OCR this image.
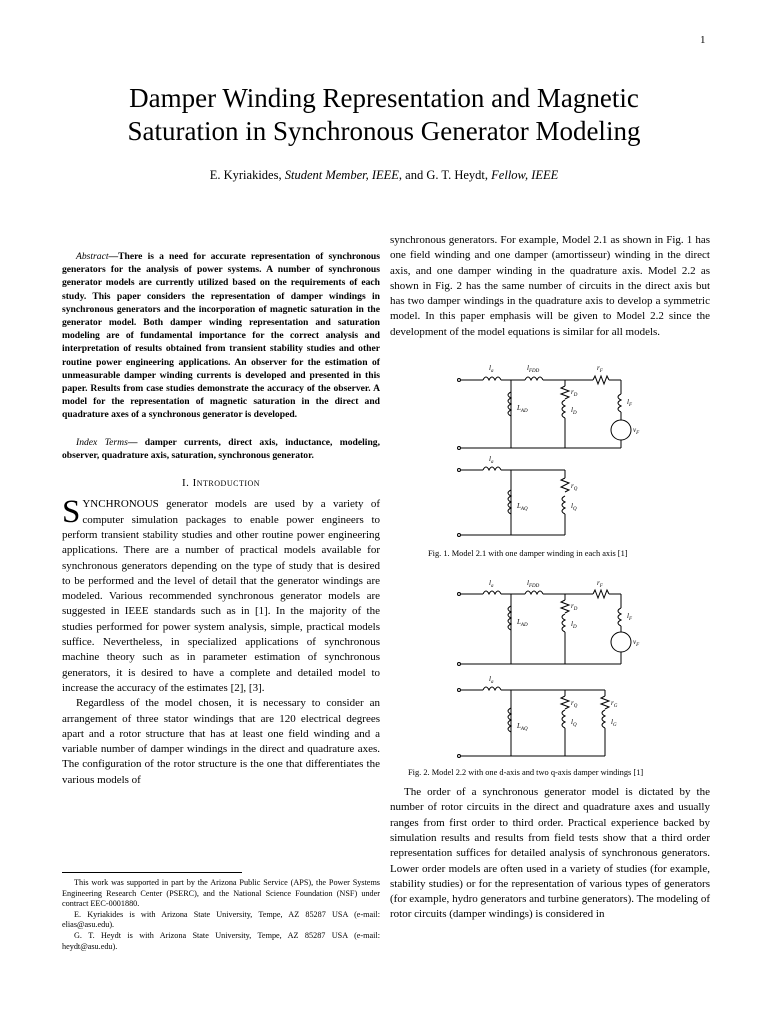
1
Damper Winding Representation and Magnetic
Saturation in Synchronous Generator Modeling
E. Kyriakides, Student Member, IEEE, and G. T. Heydt, Fellow, IEEE

Abstract—There is a need for accurate representation of synchronous generators for the analysis of power systems. A number of synchronous generator models are currently utilized based on the requirements of each study. This paper considers the representation of damper windings in synchronous generators and the incorporation of magnetic saturation in the generator model. Both damper winding representation and saturation modeling are of fundamental importance for the correct analysis and interpretation of results obtained from transient stability studies and other routine power engineering applications. An observer for the estimation of unmeasurable damper winding currents is developed and presented in this paper. Results from case studies demonstrate the accuracy of the observer. A model for the representation of magnetic saturation in the direct and quadrature axes of a synchronous generator is developed.

Index Terms— damper currents, direct axis, inductance, modeling, observer, quadrature axis, saturation, synchronous generator.

I. Introduction

SYNCHRONOUS generator models are used by a variety of computer simulation packages to enable power engineers to perform transient stability studies and other routine power engineering applications. There are a number of practical models available for synchronous generators depending on the type of study that is desired to be performed and the level of detail that the generator windings are modeled. Various recommended synchronous generator models are suggested in IEEE standards such as in [1]. In the majority of the studies performed for power system analysis, simple, practical models suffice. Nevertheless, in specialized applications of synchronous machine theory such as in parameter estimation of synchronous generators, it is desired to have a complete and detailed model to increase the accuracy of the estimates [2], [3].

Regardless of the model chosen, it is necessary to consider an arrangement of three stator windings that are 120 electrical degrees apart and a rotor structure that has at least one field winding and a variable number of damper windings in the direct and quadrature axes. The configuration of the rotor structure is the one that differentiates the various models of

synchronous generators. For example, Model 2.1 as shown in Fig. 1 has one field winding and one damper (amortisseur) winding in the direct axis, and one damper winding in the quadrature axis. Model 2.2 as shown in Fig. 2 has the same number of circuits in the direct axis but has two damper windings in the quadrature axis to develop a symmetric model. In this paper emphasis will be given to Model 2.2 since the development of the model equations is similar for all models.

The order of a synchronous generator model is dictated by the number of rotor circuits in the direct and quadrature axes and usually ranges from first order to third order. Practical experience backed by simulation results and results from field tests show that a third order representation suffices for detailed analysis of synchronous generators. Lower order models are often used in a variety of studies (for example, stability studies) or for the representation of various types of generators (for example, hydro generators and turbine generators). The modeling of rotor circuits (damper windings) is considered in

$l_a$	$l_{FDD}$	$r_F$
$r_D$
$l_D$
$l_F$
$v_F$
$L_{AD}$
$l_a$
$L_{AQ}$
$r_Q$
$l_Q$
Fig. 1. Model 2.1 with one damper winding in each axis [1]
$l_a$	$l_{FDD}$	$r_F$
$r_D$
$l_D$
$l_F$
$v_F$
$L_{AD}$
$l_a$
$L_{AQ}$
$r_Q$
$l_Q$
$r_G$
$l_G$
Fig. 2. Model 2.2 with one d-axis and two q-axis damper windings [1]

This work was supported in part by the Arizona Public Service (APS), the Power Systems Engineering Research Center (PSERC), and the National Science Foundation (NSF) under contract EEC-0001880.

E. Kyriakides is with Arizona State University, Tempe, AZ 85287 USA (e-mail: elias@asu.edu).

G. T. Heydt is with Arizona State University, Tempe, AZ 85287 USA (e-mail: heydt@asu.edu).
